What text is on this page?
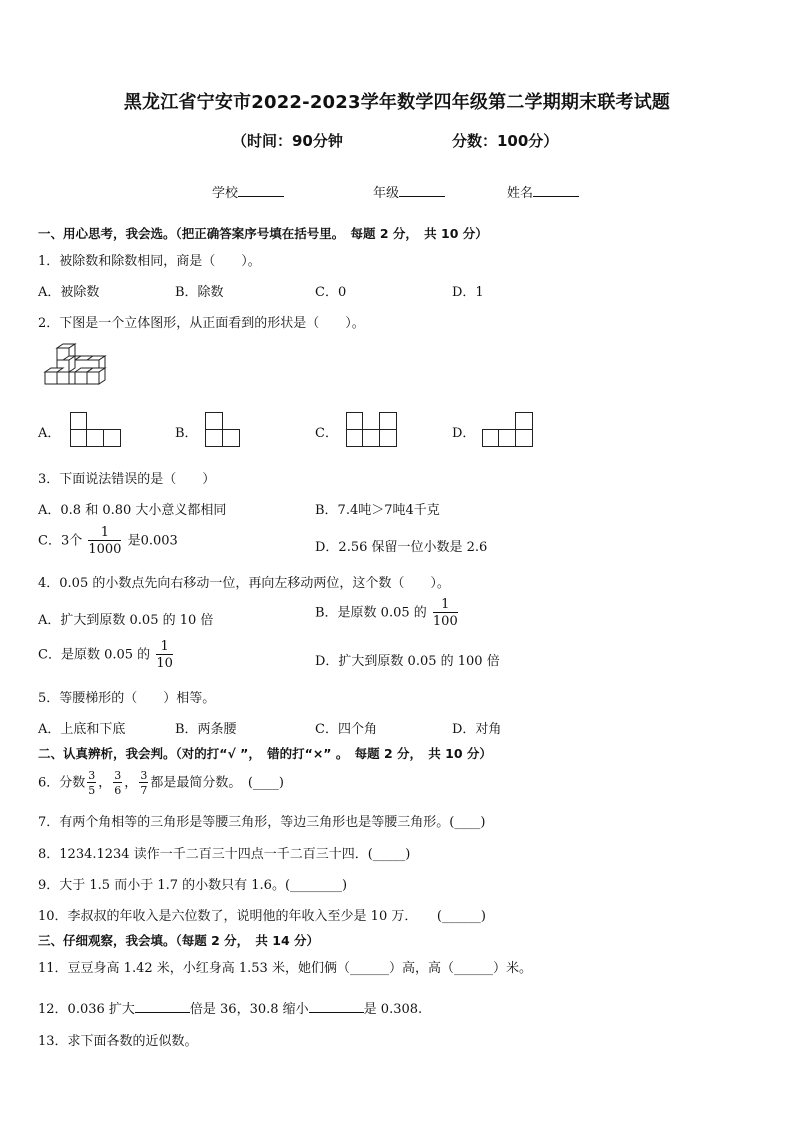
黑龙江省宁安市2022-2023学年数学四年级第二学期期末联考试题
（时间：90分钟	分数：100分）
学校	年级	姓名
一、用心思考，我会选。（把正确答案序号填在括号里。　每题 2 分，　共 10 分）
1．被除数和除数相同，商是（　　）。
A．被除数	B．除数	C．0	D．1
2．下图是一个立体图形，从正面看到的形状是（　　）。
A．	B．	C．	D．
3．下面说法错误的是（　　）
A．0.8 和 0.80 大小意义都相同	B．7.4吨＞7吨4千克
C．3个 $\frac{1}{1000}$ 是0.003	D．2.56 保留一位小数是 2.6
4．0.05 的小数点先向右移动一位，再向左移动两位，这个数（　　）。
A．扩大到原数 0.05 的 10 倍	B．是原数 0.05 的 $\frac{1}{100}$
C．是原数 0.05 的 $\frac{1}{10}$	D．扩大到原数 0.05 的 100 倍
5．等腰梯形的（　　）相等。
A．上底和下底	B．两条腰	C．四个角	D．对角
二、认真辨析，我会判。（对的打“√ ”，　错的打“×” 。　每题 2 分，　共 10 分）
6．分数 $\frac{3}{5}$ ， $\frac{3}{6}$ ， $\frac{3}{7}$ 都是最简分数。　(____)
7．有两个角相等的三角形是等腰三角形，等边三角形也是等腰三角形。(____)
8．1234.1234 读作一千二百三十四点一千二百三十四．(_____)
9．大于 1.5 而小于 1.7 的小数只有 1.6。(________)
10．李叔叔的年收入是六位数了，说明他的年收入至少是 10 万．　　(______)
三、仔细观察，我会填。（每题 2 分，　共 14 分）
11．豆豆身高 1.42 米，小红身高 1.53 米，她们俩（______）高，高（______）米。
12．0.036 扩大	倍是 36，30.8 缩小	是 0.308.
13．求下面各数的近似数。
